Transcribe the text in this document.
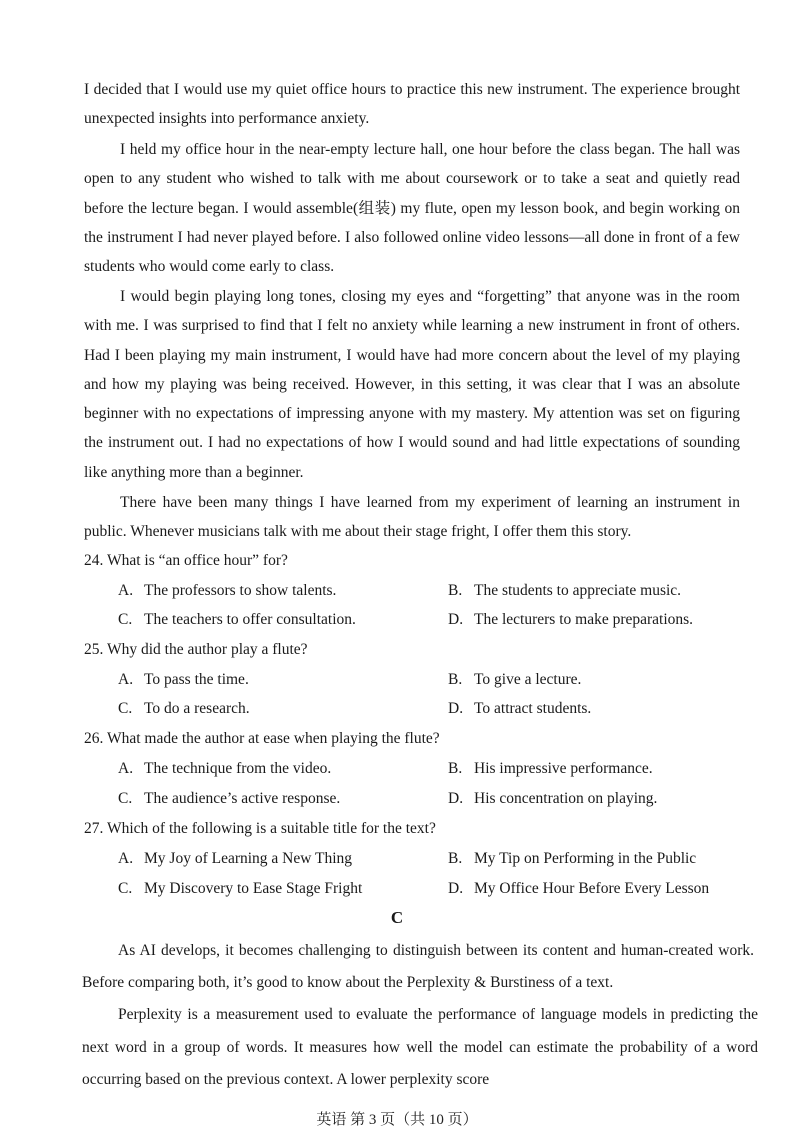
I decided that I would use my quiet office hours to practice this new instrument. The experience brought unexpected insights into performance anxiety.

I held my office hour in the near-empty lecture hall, one hour before the class began. The hall was open to any student who wished to talk with me about coursework or to take a seat and quietly read before the lecture began. I would assemble(组装) my flute, open my lesson book, and begin working on the instrument I had never played before. I also followed online video lessons—all done in front of a few students who would come early to class.

I would begin playing long tones, closing my eyes and “forgetting” that anyone was in the room with me. I was surprised to find that I felt no anxiety while learning a new instrument in front of others. Had I been playing my main instrument, I would have had more concern about the level of my playing and how my playing was being received. However, in this setting, it was clear that I was an absolute beginner with no expectations of impressing anyone with my mastery. My attention was set on figuring the instrument out. I had no expectations of how I would sound and had little expectations of sounding like anything more than a beginner.

There have been many things I have learned from my experiment of learning an instrument in public. Whenever musicians talk with me about their stage fright, I offer them this story.

24. What is “an office hour” for?
A. The professors to show talents.	B. The students to appreciate music.
C. The teachers to offer consultation.	D. The lecturers to make preparations.
25. Why did the author play a flute?
A. To pass the time.	B. To give a lecture.
C. To do a research.	D. To attract students.
26. What made the author at ease when playing the flute?
A. The technique from the video.	B. His impressive performance.
C. The audience’s active response.	D. His concentration on playing.
27. Which of the following is a suitable title for the text?
A. My Joy of Learning a New Thing	B. My Tip on Performing in the Public
C. My Discovery to Ease Stage Fright	D. My Office Hour Before Every Lesson
C

As AI develops, it becomes challenging to distinguish between its content and human-created work. Before comparing both, it’s good to know about the Perplexity & Burstiness of a text.

Perplexity is a measurement used to evaluate the performance of language models in predicting the next word in a group of words. It measures how well the model can estimate the probability of a word occurring based on the previous context. A lower perplexity score

英语 第 3 页（共 10 页）
